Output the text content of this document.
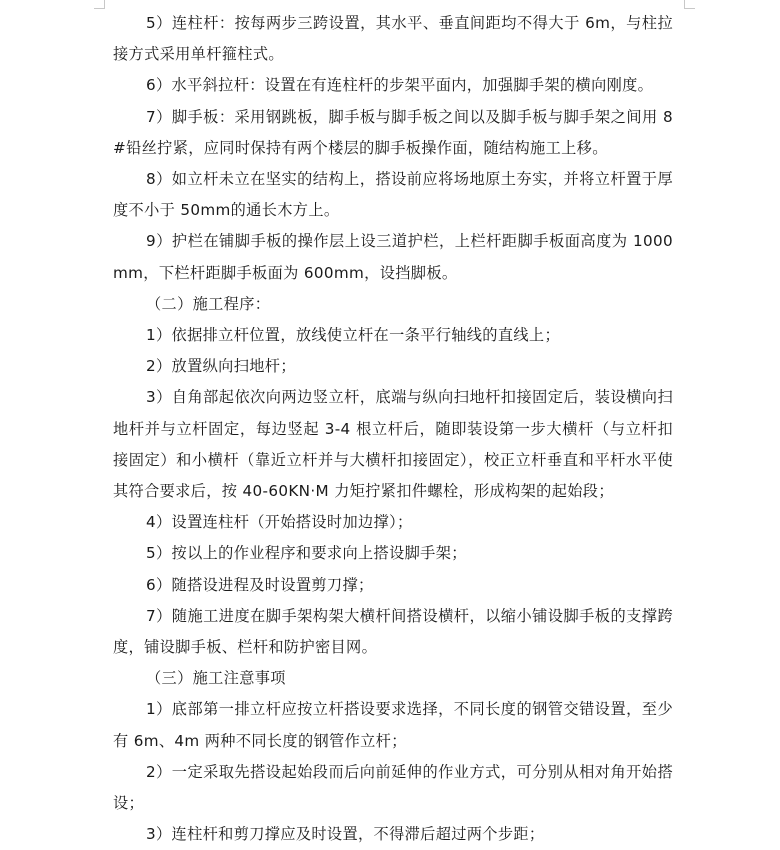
5）连柱杆：按每两步三跨设置，其水平、垂直间距均不得大于 6m，与柱拉接方式采用单杆箍柱式。

6）水平斜拉杆：设置在有连柱杆的步架平面内，加强脚手架的横向刚度。

7）脚手板：采用钢跳板，脚手板与脚手板之间以及脚手板与脚手架之间用 8#铅丝拧紧，应同时保持有两个楼层的脚手板操作面，随结构施工上移。

8）如立杆未立在坚实的结构上，搭设前应将场地原土夯实，并将立杆置于厚度不小于 50mm的通长木方上。

9）护栏在铺脚手板的操作层上设三道护栏，上栏杆距脚手板面高度为 1000mm，下栏杆距脚手板面为 600mm，设挡脚板。

（二）施工程序：

1）依据排立杆位置，放线使立杆在一条平行轴线的直线上；

2）放置纵向扫地杆；

3）自角部起依次向两边竖立杆，底端与纵向扫地杆扣接固定后，装设横向扫地杆并与立杆固定，每边竖起 3-4 根立杆后，随即装设第一步大横杆（与立杆扣接固定）和小横杆（靠近立杆并与大横杆扣接固定），校正立杆垂直和平杆水平使其符合要求后，按 40-60KN·M 力矩拧紧扣件螺栓，形成构架的起始段；

4）设置连柱杆（开始搭设时加边撑）；

5）按以上的作业程序和要求向上搭设脚手架；

6）随搭设进程及时设置剪刀撑；

7）随施工进度在脚手架构架大横杆间搭设横杆，以缩小铺设脚手板的支撑跨度，铺设脚手板、栏杆和防护密目网。

（三）施工注意事项

1）底部第一排立杆应按立杆搭设要求选择，不同长度的钢管交错设置，至少有 6m、4m 两种不同长度的钢管作立杆；

2）一定采取先搭设起始段而后向前延伸的作业方式，可分别从相对角开始搭设；

3）连柱杆和剪刀撑应及时设置，不得滞后超过两个步距；
